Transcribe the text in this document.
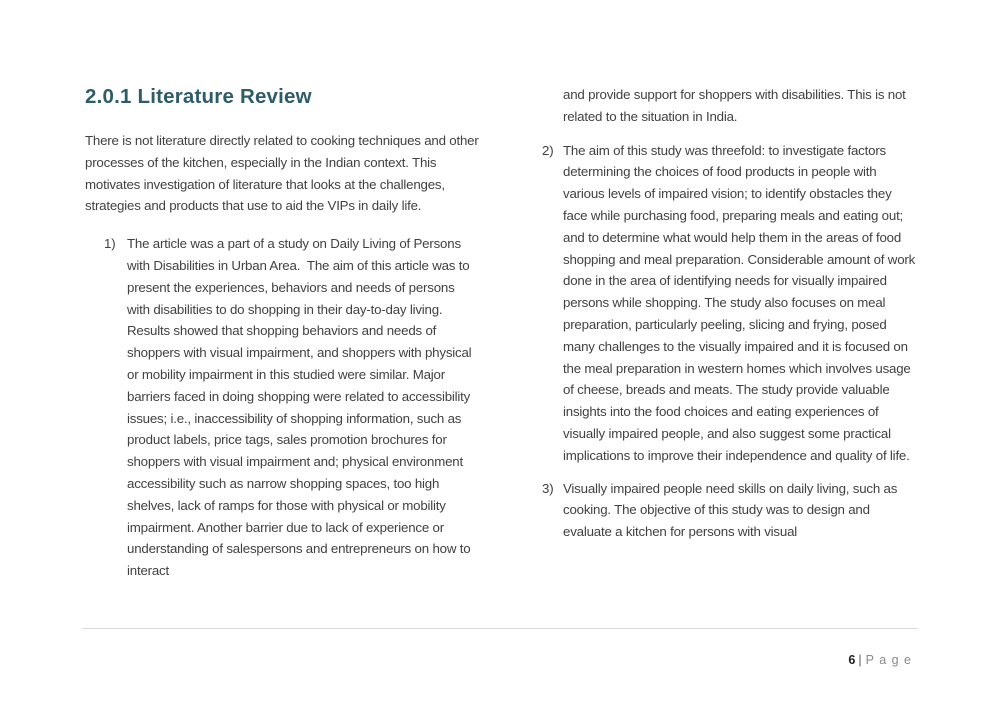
2.0.1 Literature Review

There is not literature directly related to cooking techniques and other processes of the kitchen, especially in the Indian context. This motivates investigation of literature that looks at the challenges, strategies and products that use to aid the VIPs in daily life.

1) The article was a part of a study on Daily Living of Persons with Disabilities in Urban Area.  The aim of this article was to present the experiences, behaviors and needs of persons with disabilities to do shopping in their day-to-day living. Results showed that shopping behaviors and needs of shoppers with visual impairment, and shoppers with physical or mobility impairment in this studied were similar. Major barriers faced in doing shopping were related to accessibility issues; i.e., inaccessibility of shopping information, such as product labels, price tags, sales promotion brochures for shoppers with visual impairment and; physical environment accessibility such as narrow shopping spaces, too high shelves, lack of ramps for those with physical or mobility impairment. Another barrier due to lack of experience or understanding of salespersons and entrepreneurs on how to interact

and provide support for shoppers with disabilities. This is not related to the situation in India.

2) The aim of this study was threefold: to investigate factors determining the choices of food products in people with various levels of impaired vision; to identify obstacles they face while purchasing food, preparing meals and eating out; and to determine what would help them in the areas of food shopping and meal preparation. Considerable amount of work done in the area of identifying needs for visually impaired persons while shopping. The study also focuses on meal preparation, particularly peeling, slicing and frying, posed many challenges to the visually impaired and it is focused on the meal preparation in western homes which involves usage of cheese, breads and meats. The study provide valuable insights into the food choices and eating experiences of visually impaired people, and also suggest some practical implications to improve their independence and quality of life.
3) Visually impaired people need skills on daily living, such as cooking. The objective of this study was to design and evaluate a kitchen for persons with visual

6 | P a g e
